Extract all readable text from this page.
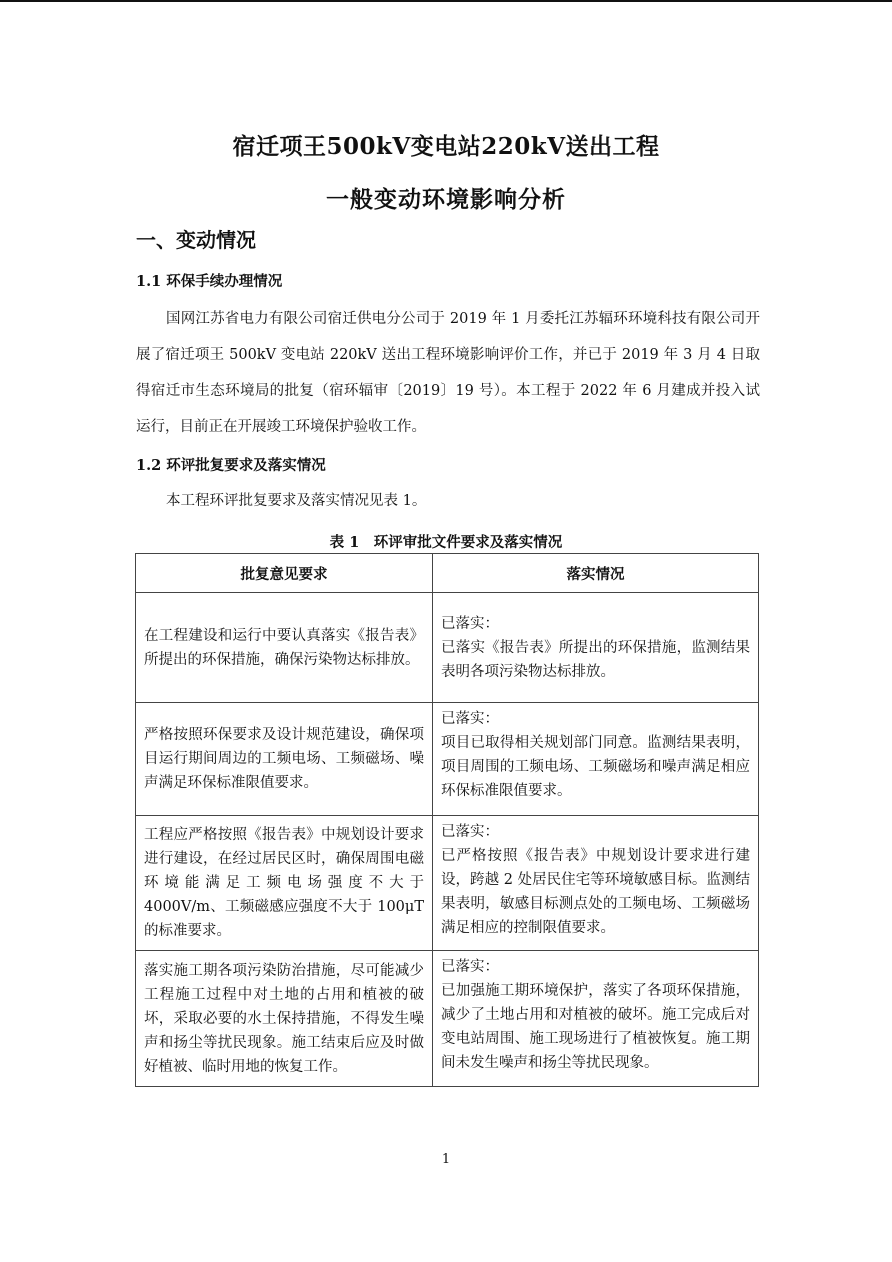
宿迁项王500kV变电站220kV送出工程
一般变动环境影响分析
一、变动情况
1.1 环保手续办理情况
国网江苏省电力有限公司宿迁供电分公司于 2019 年 1 月委托江苏辐环环境科技有限公司开展了宿迁项王 500kV 变电站 220kV 送出工程环境影响评价工作，并已于 2019 年 3 月 4 日取得宿迁市生态环境局的批复（宿环辐审〔2019〕19 号）。本工程于 2022 年 6 月建成并投入试运行，目前正在开展竣工环境保护验收工作。
1.2 环评批复要求及落实情况
本工程环评批复要求及落实情况见表 1。
表 1　环评审批文件要求及落实情况
批复意见要求	落实情况
在工程建设和运行中要认真落实《报告表》所提出的环保措施，确保污染物达标排放。	已落实：
已落实《报告表》所提出的环保措施，监测结果表明各项污染物达标排放。
严格按照环保要求及设计规范建设，确保项目运行期间周边的工频电场、工频磁场、噪声满足环保标准限值要求。	已落实：
项目已取得相关规划部门同意。监测结果表明，项目周围的工频电场、工频磁场和噪声满足相应环保标准限值要求。
工程应严格按照《报告表》中规划设计要求进行建设，在经过居民区时，确保周围电磁环境能满足工频电场强度不大于4000V/m、工频磁感应强度不大于 100μT 的标准要求。	已落实：
已严格按照《报告表》中规划设计要求进行建设，跨越 2 处居民住宅等环境敏感目标。监测结果表明，敏感目标测点处的工频电场、工频磁场满足相应的控制限值要求。
落实施工期各项污染防治措施，尽可能减少工程施工过程中对土地的占用和植被的破坏，采取必要的水土保持措施，不得发生噪声和扬尘等扰民现象。施工结束后应及时做好植被、临时用地的恢复工作。	已落实：
已加强施工期环境保护，落实了各项环保措施，减少了土地占用和对植被的破坏。施工完成后对变电站周围、施工现场进行了植被恢复。施工期间未发生噪声和扬尘等扰民现象。
1
